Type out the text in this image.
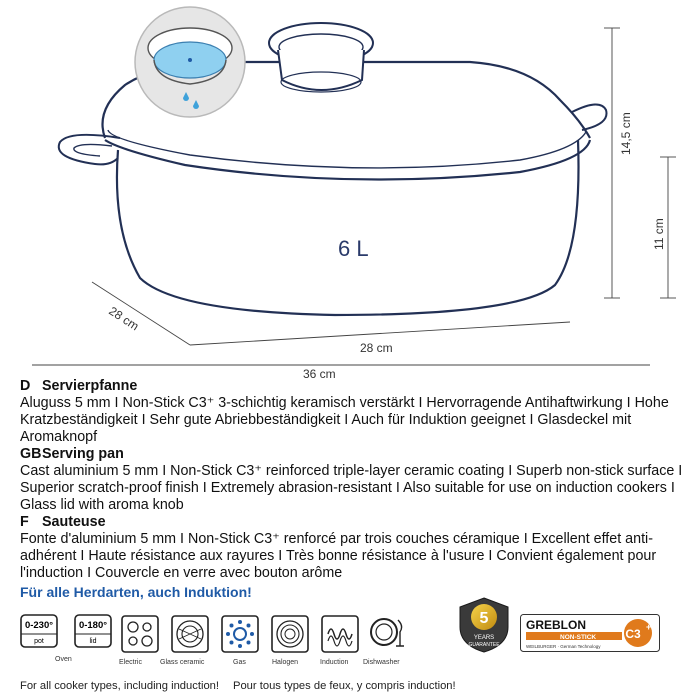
6 L
14,5 cm
11 cm
28 cm
28 cm
36 cm
D Servierpfanne
Aluguss 5 mm I Non-Stick C3⁺ 3-schichtig keramisch verstärkt I Hervorragende Antihaftwirkung I Hohe Kratzbeständigkeit I Sehr gute Abriebbeständigkeit I Auch für Induktion geeignet I Glasdeckel mit Aromaknopf
GBServing pan
Cast aluminium 5 mm I Non-Stick C3⁺ reinforced triple-layer ceramic coating I Superb non-stick surface I Superior scratch-proof finish I Extremely abrasion-resistant I Also suitable for use on induction cookers I Glass lid with aroma knob
F Sauteuse
Fonte d'aluminium 5 mm I Non-Stick C3⁺ renforcé par trois couches céramique I Excellent effet anti-adhérent I Haute résistance aux rayures I Très bonne résistance à l'usure I Convient également pour l'induction I Couvercle en verre avec bouton arôme
Für alle Herdarten, auch Induktion!
0-230°
pot
0-180°
lid
Oven	Electric	Glass ceramic	Gas	Halogen	Induction Dishwasher
5
YEARS
GUARANTEE
GREBLON
NON-STICK
WEILBURGER · German Technology
C3 +
For all cooker types, including induction! Pour tous types de feux, y compris induction!
